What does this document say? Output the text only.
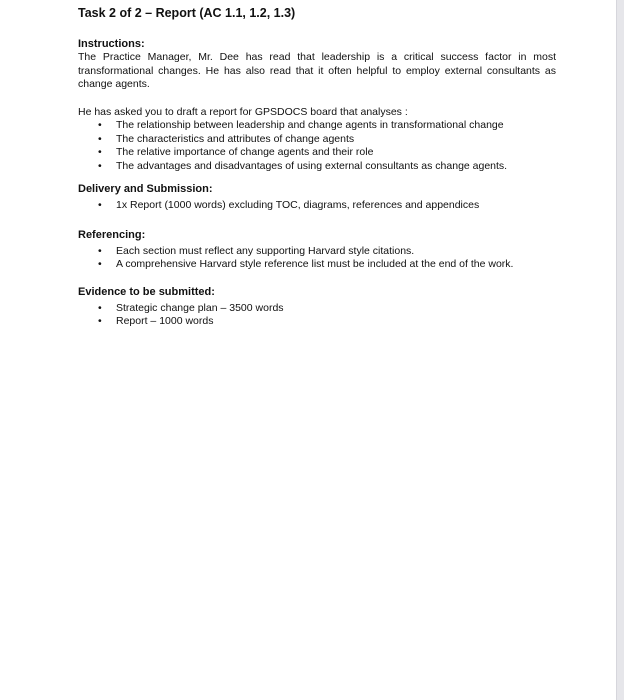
Task 2 of 2 – Report (AC 1.1, 1.2, 1.3)
Instructions:

The Practice Manager, Mr. Dee has read that leadership is a critical success factor in most transformational changes. He has also read that it often helpful to employ external consultants as change agents.

He has asked you to draft a report for GPSDOCS board that analyses :

• The relationship between leadership and change agents in transformational change
• The characteristics and attributes of change agents
• The relative importance of change agents and their role
• The advantages and disadvantages of using external consultants as change agents.
Delivery and Submission:
• 1x Report (1000 words) excluding TOC, diagrams, references and appendices
Referencing:
• Each section must reflect any supporting Harvard style citations.
• A comprehensive Harvard style reference list must be included at the end of the work.
Evidence to be submitted:
• Strategic change plan – 3500 words
• Report – 1000 words
